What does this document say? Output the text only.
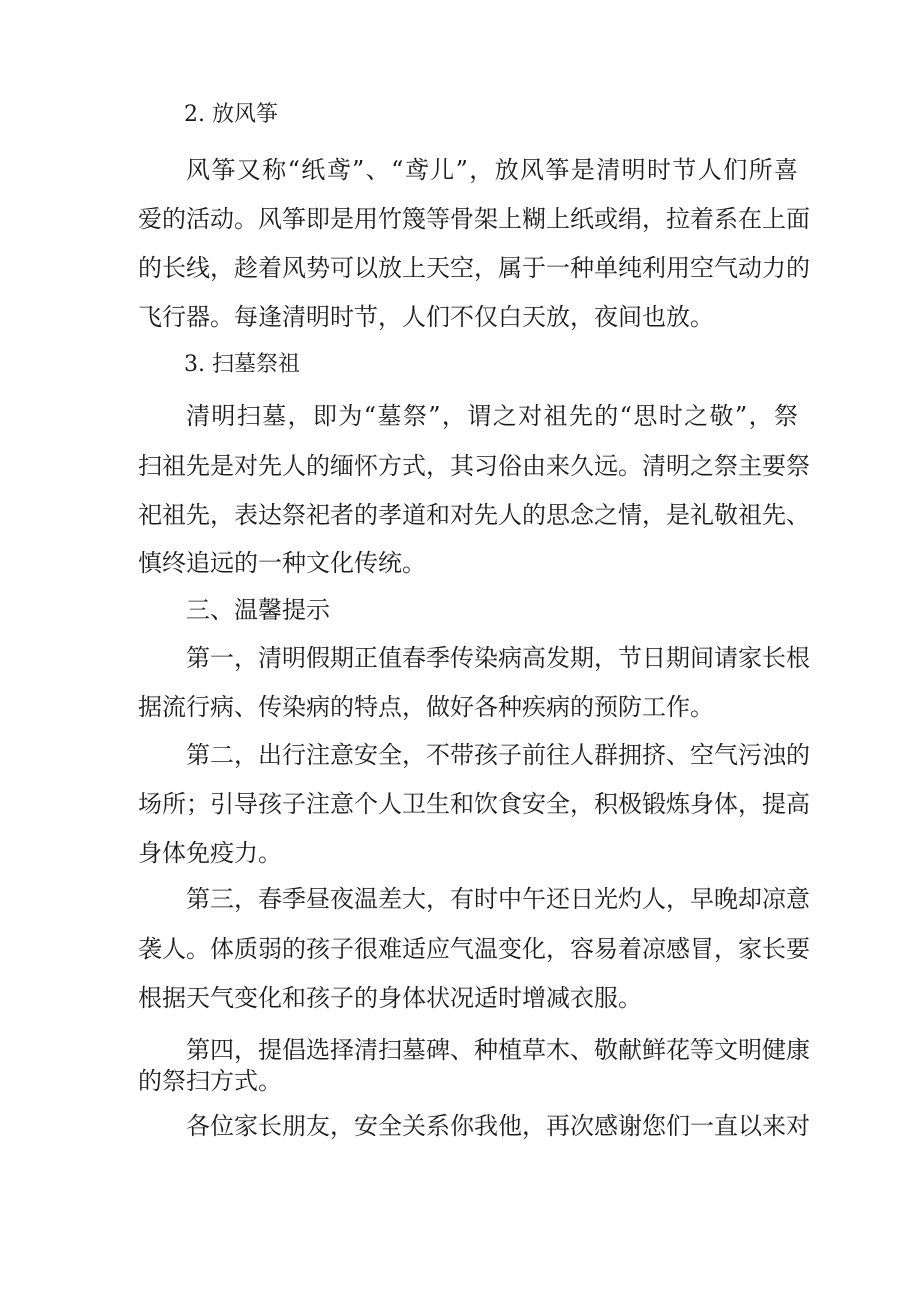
2. 放风筝

风筝又称“纸鸢”、“鸢儿”，放风筝是清明时节人们所喜

爱的活动。风筝即是用竹篾等骨架上糊上纸或绢，拉着系在上面

的长线，趁着风势可以放上天空，属于一种单纯利用空气动力的

飞行器。每逢清明时节，人们不仅白天放，夜间也放。

3. 扫墓祭祖

清明扫墓，即为“墓祭”，谓之对祖先的“思时之敬”，祭

扫祖先是对先人的缅怀方式，其习俗由来久远。清明之祭主要祭

祀祖先，表达祭祀者的孝道和对先人的思念之情，是礼敬祖先、

慎终追远的一种文化传统。

三、温馨提示

第一，清明假期正值春季传染病高发期，节日期间请家长根

据流行病、传染病的特点，做好各种疾病的预防工作。

第二，出行注意安全，不带孩子前往人群拥挤、空气污浊的

场所；引导孩子注意个人卫生和饮食安全，积极锻炼身体，提高

身体免疫力。

第三，春季昼夜温差大，有时中午还日光灼人，早晚却凉意

袭人。体质弱的孩子很难适应气温变化，容易着凉感冒，家长要

根据天气变化和孩子的身体状况适时增减衣服。

第四，提倡选择清扫墓碑、种植草木、敬献鲜花等文明健康

的祭扫方式。

各位家长朋友，安全关系你我他，再次感谢您们一直以来对
